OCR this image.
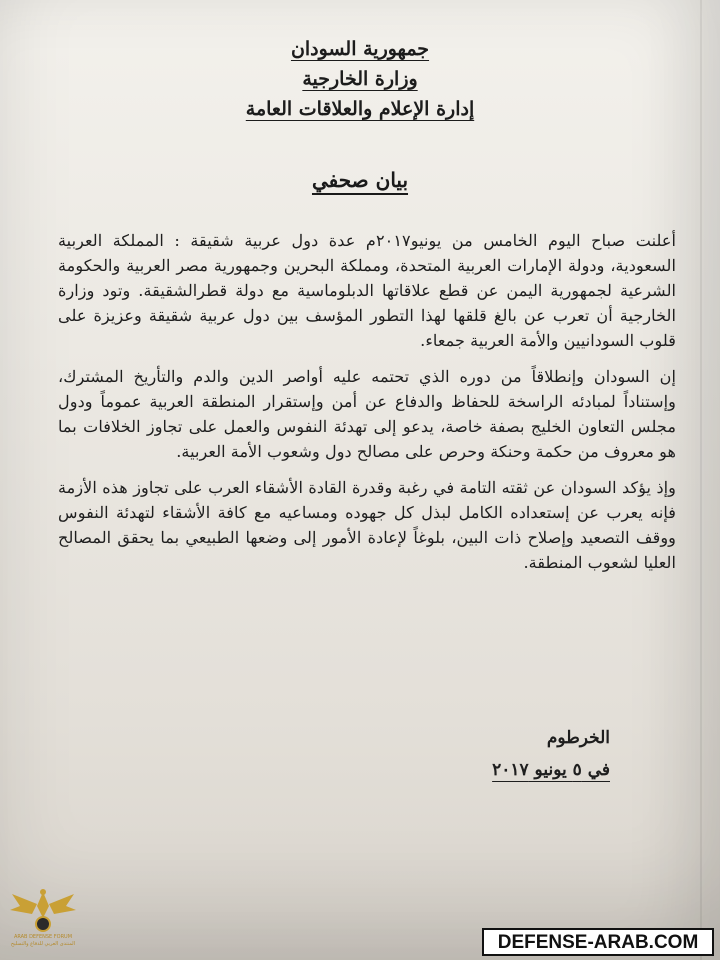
جمهورية السودان
وزارة الخارجية
إدارة الإعلام والعلاقات العامة
بيان صحفي

أعلنت صباح اليوم الخامس من يونيو٢٠١٧م عدة دول عربية شقيقة : المملكة العربية السعودية، ودولة الإمارات العربية المتحدة، ومملكة البحرين وجمهورية مصر العربية والحكومة الشرعية لجمهورية اليمن عن قطع علاقاتها الدبلوماسية مع دولة قطرالشقيقة. وتود وزارة الخارجية أن تعرب عن بالغ قلقها لهذا التطور المؤسف بين دول عربية شقيقة وعزيزة على قلوب السودانيين والأمة العربية جمعاء.

إن السودان وإنطلاقاً من دوره الذي تحتمه عليه أواصر الدين والدم والتأريخ المشترك، وإستناداً لمبادئه الراسخة للحفاظ والدفاع عن أمن وإستقرار المنطقة العربية عموماً ودول مجلس التعاون الخليج بصفة خاصة، يدعو إلى تهدئة النفوس والعمل على تجاوز الخلافات بما هو معروف من حكمة وحنكة وحرص على مصالح دول وشعوب الأمة العربية.

وإذ يؤكد السودان عن ثقته التامة في رغبة وقدرة القادة الأشقاء العرب على تجاوز هذه الأزمة فإنه يعرب عن إستعداده الكامل لبذل كل جهوده ومساعيه مع كافة الأشقاء لتهدئة النفوس ووقف التصعيد وإصلاح ذات البين، بلوغاً لإعادة الأمور إلى وضعها الطبيعي بما يحقق المصالح العليا لشعوب المنطقة.

الخرطوم
في ٥ يونيو ٢٠١٧
ARAB DEFENSE FORUM
المنتدى العربي للدفاع والتسليح	DEFENSE-ARAB.COM
